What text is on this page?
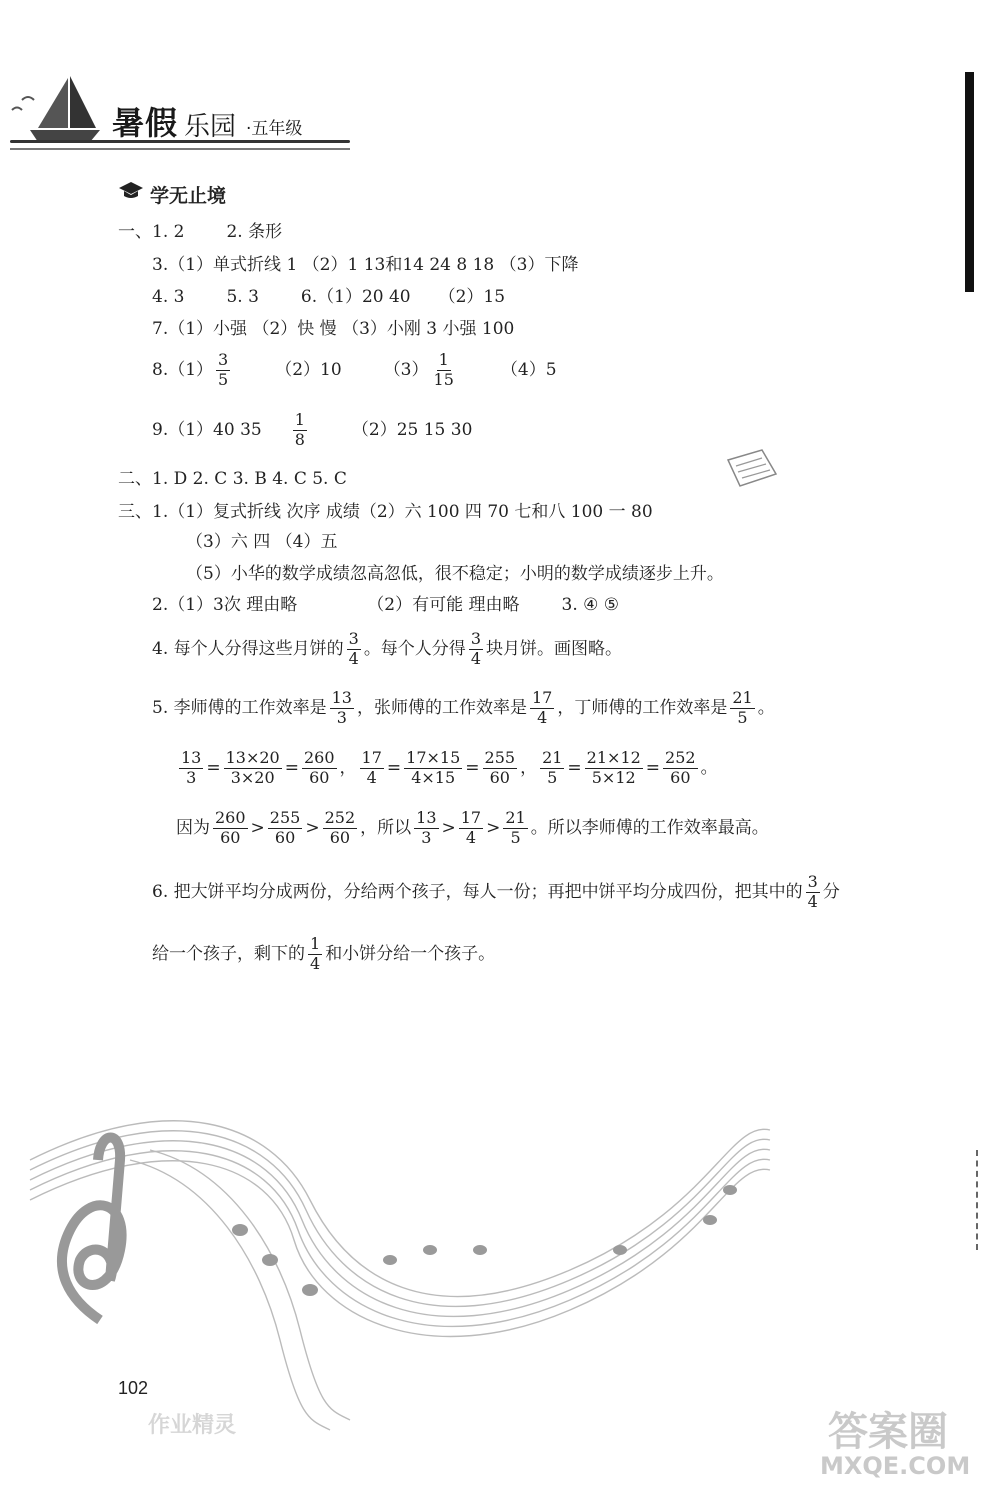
暑假 乐园 ·五年级
学无止境
一、1. 2 2. 条形
3.（1）单式折线 1 （2）1 13和14 24 8 18 （3）下降
4. 3 5. 3 6.（1）20 40 （2）15
7.（1）小强 （2）快 慢 （3）小刚 3 小强 100
$8.(1) \frac{3}{5}$	（2）10 $(3) \frac{1}{15}$	（4）5
9.（1）40 $35 \frac{1}{8}$	（2）25 15 30
二、1. D 2. C 3. B 4. C 5. C
三、1.（1）复式折线 次序 成绩（2）六 100 四 70 七和八 100 一 80
（3）六 四 （4）五
（5）小华的数学成绩忽高忽低，很不稳定；小明的数学成绩逐步上升。
2.（1）3次 理由略	（2）有可能 理由略 3. ④ ⑤
4. 每个人分得这些月饼的 $\frac{3}{4}$ 。每个人分得 $\frac{3}{4}$ 块月饼。画图略。
5. 李师傅的工作效率是 $\frac{13}{3}$ ，张师傅的工作效率是 $\frac{17}{4}$ ，丁师傅的工作效率是 $\frac{21}{5}$ 。
$\frac{13}{3} = \frac{13\times 20}{3\times 20} = \frac{260}{60}$ ， $\frac{17}{4} = \frac{17\times 15}{4\times 15} = \frac{255}{60}$ ， $\frac{21}{5} = \frac{21\times 12}{5\times 12} = \frac{252}{60}$ 。
因为 $\frac{260}{60} > \frac{255}{60} > \frac{252}{60}$ ，所以 $\frac{13}{3} > \frac{17}{4} > \frac{21}{5}$ 。所以李师傅的工作效率最高。
6. 把大饼平均分成两份，分给两个孩子，每人一份；再把中饼平均分成四份，把其中的 $\frac{3}{4}$ 分
给一个孩子，剩下的 $\frac{1}{4}$ 和小饼分给一个孩子。
102
作业精灵	答案圈
MXQE.COM
